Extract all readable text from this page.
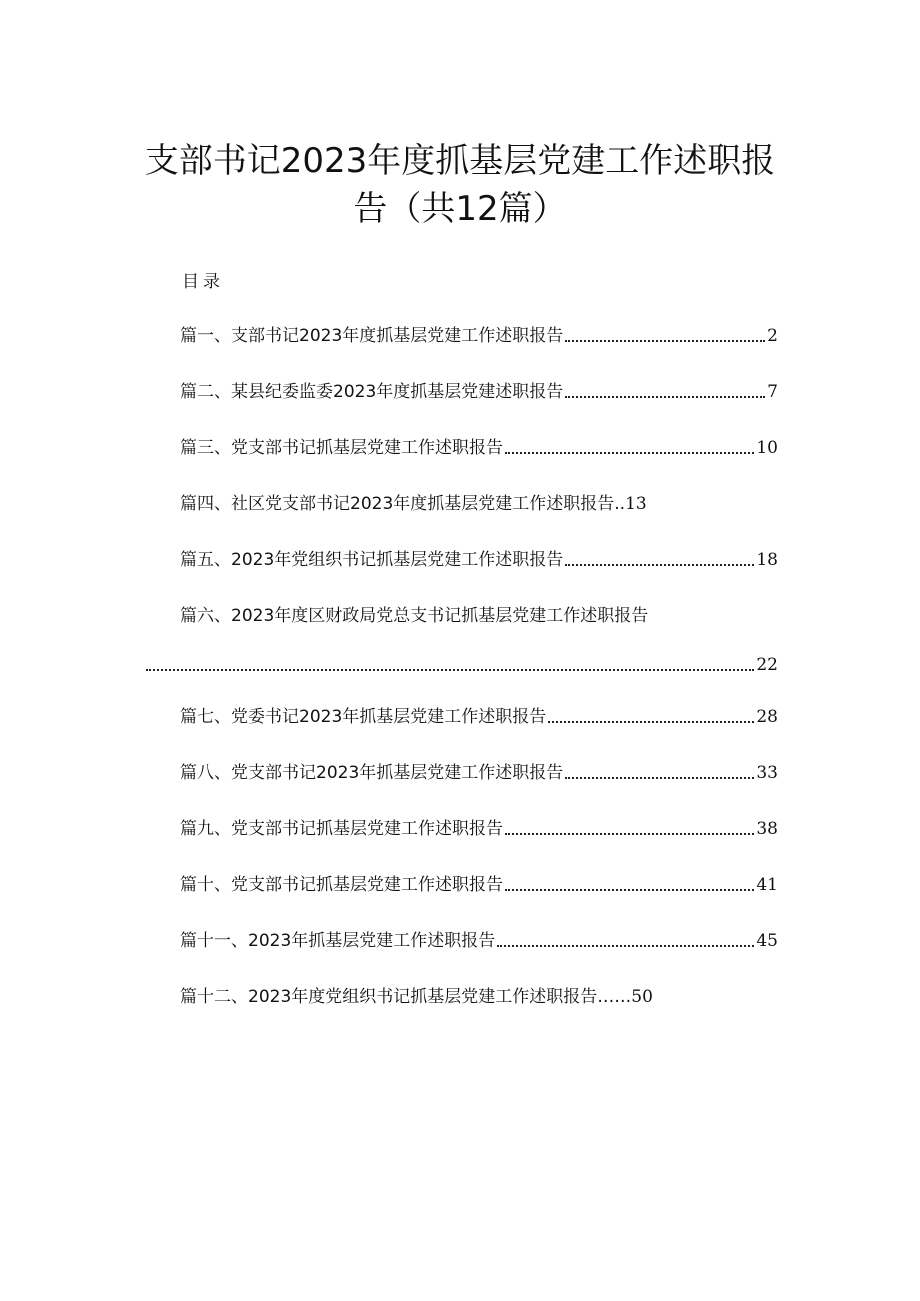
支部书记2023年度抓基层党建工作述职报
告（共12篇）
目录
篇一、支部书记2023年度抓基层党建工作述职报告	2
篇二、某县纪委监委2023年度抓基层党建述职报告	7
篇三、党支部书记抓基层党建工作述职报告	10
篇四、社区党支部书记2023年度抓基层党建工作述职报告 .. 13
篇五、2023年党组织书记抓基层党建工作述职报告	18
篇六、2023年度区财政局党总支书记抓基层党建工作述职报告
22
篇七、党委书记2023年抓基层党建工作述职报告	28
篇八、党支部书记2023年抓基层党建工作述职报告	33
篇九、党支部书记抓基层党建工作述职报告	38
篇十、党支部书记抓基层党建工作述职报告	41
篇十一、2023年抓基层党建工作述职报告	45
篇十二、2023年度党组织书记抓基层党建工作述职报告 …… 50
